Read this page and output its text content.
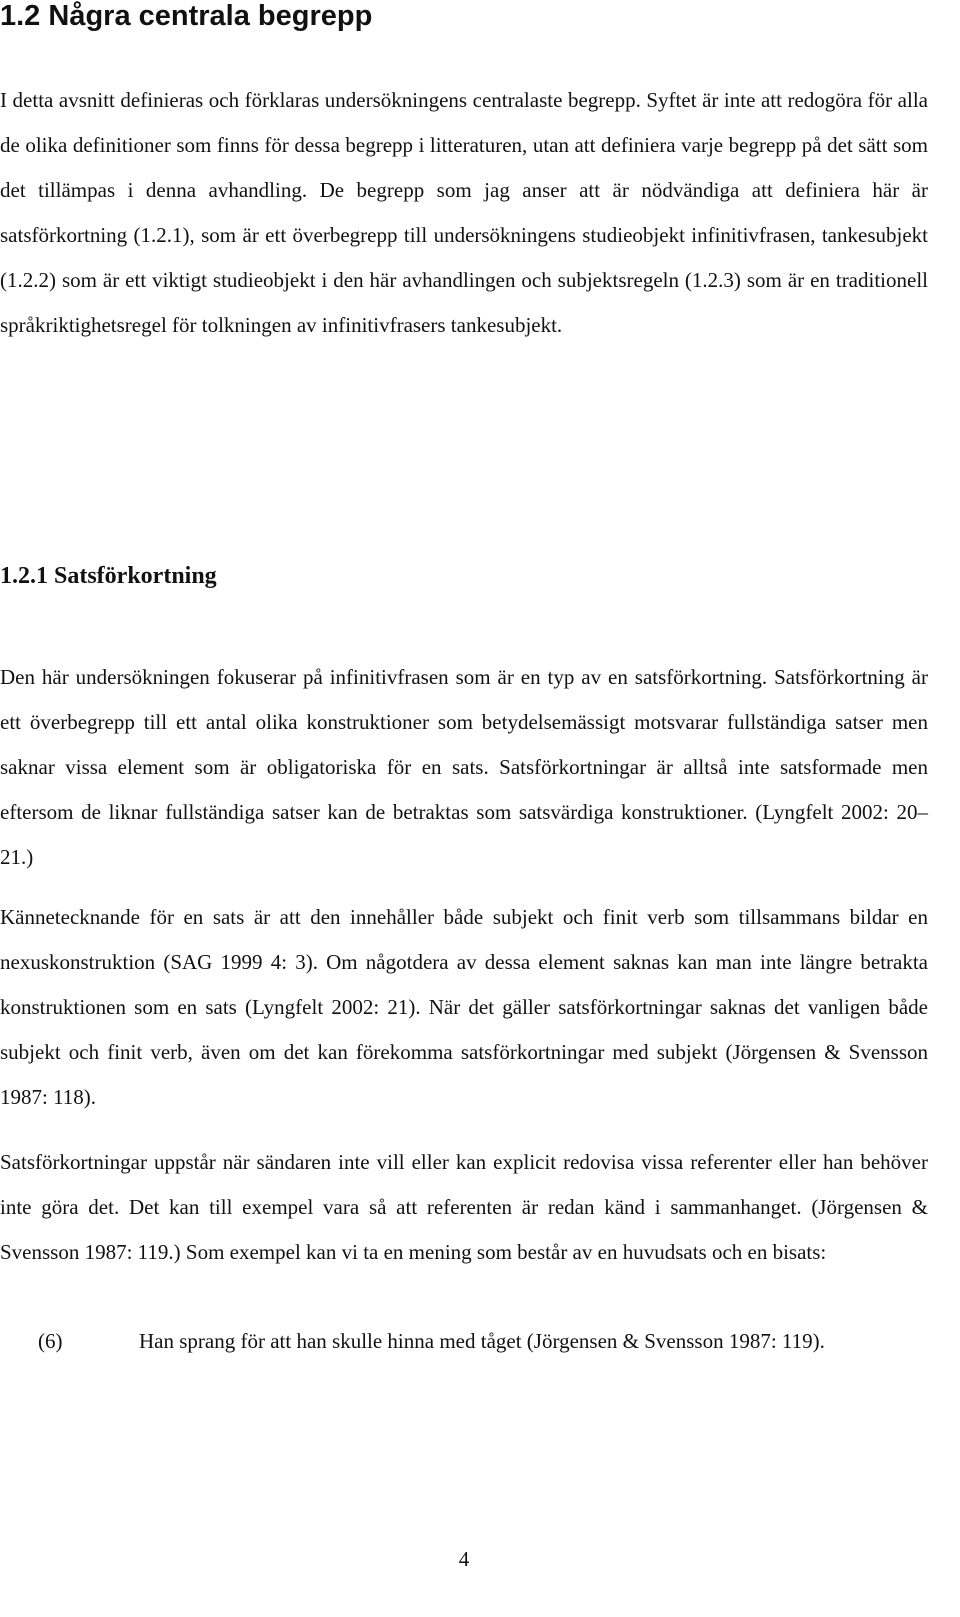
1.2 Några centrala begrepp

I detta avsnitt definieras och förklaras undersökningens centralaste begrepp. Syftet är inte att redogöra för alla de olika definitioner som finns för dessa begrepp i litteraturen, utan att definiera varje begrepp på det sätt som det tillämpas i denna avhandling. De begrepp som jag anser att är nödvändiga att definiera här är satsförkortning (1.2.1), som är ett överbegrepp till undersökningens studieobjekt infinitivfrasen, tankesubjekt (1.2.2) som är ett viktigt studieobjekt i den här avhandlingen och subjektsregeln (1.2.3) som är en traditionell språkriktighetsregel för tolkningen av infinitivfrasers tankesubjekt.

1.2.1 Satsförkortning

Den här undersökningen fokuserar på infinitivfrasen som är en typ av en satsförkortning. Satsförkortning är ett överbegrepp till ett antal olika konstruktioner som betydelsemässigt motsvarar fullständiga satser men saknar vissa element som är obligatoriska för en sats. Satsförkortningar är alltså inte satsformade men eftersom de liknar fullständiga satser kan de betraktas som satsvärdiga konstruktioner. (Lyngfelt 2002: 20–21.)

Kännetecknande för en sats är att den innehåller både subjekt och finit verb som tillsammans bildar en nexuskonstruktion (SAG 1999 4: 3). Om någotdera av dessa element saknas kan man inte längre betrakta konstruktionen som en sats (Lyngfelt 2002: 21). När det gäller satsförkortningar saknas det vanligen både subjekt och finit verb, även om det kan förekomma satsförkortningar med subjekt (Jörgensen & Svensson 1987: 118).

Satsförkortningar uppstår när sändaren inte vill eller kan explicit redovisa vissa referenter eller han behöver inte göra det. Det kan till exempel vara så att referenten är redan känd i sammanhanget. (Jörgensen & Svensson 1987: 119.) Som exempel kan vi ta en mening som består av en huvudsats och en bisats:

(6)	Han sprang för att han skulle hinna med tåget (Jörgensen & Svensson 1987: 119).
4
